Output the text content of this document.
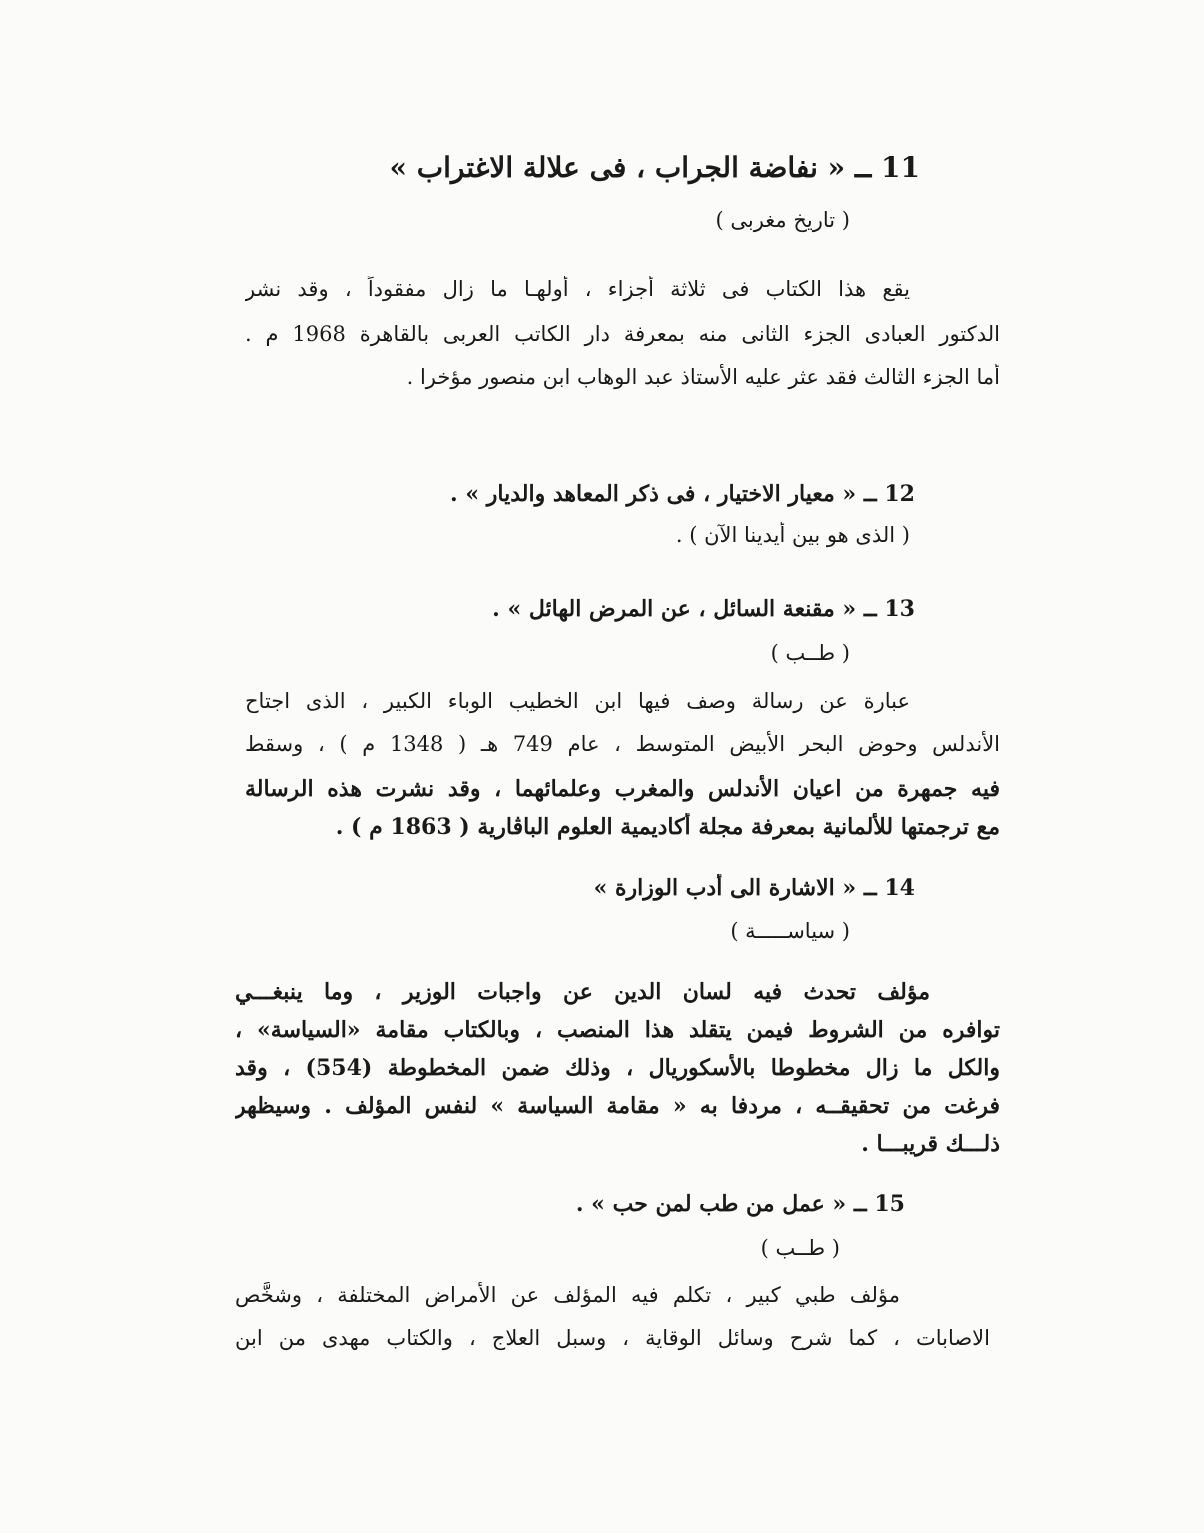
11 ــ « نفاضة الجراب ، فى علالة الاغتراب »
( تاريخ مغربى )
يقع هذا الكتاب فى ثلاثة أجزاء ، أولهـا ما زال مفقوداً ، وقد نشر
الدكتور العبادى الجزء الثانى منه بمعرفة دار الكاتب العربى بالقاهرة 1968 م .
أما الجزء الثالث فقد عثر عليه الأستاذ عبد الوهاب ابن منصور مؤخرا .
12 ــ « معيار الاختيار ، فى ذكر المعاهد والديار » .
( الذى هو بين أيدينا الآن ) .
13 ــ « مقنعة السائل ، عن المرض الهائل » .
( طــب )
عبارة عن رسالة وصف فيها ابن الخطيب الوباء الكبير ، الذى اجتاح
الأندلس وحوض البحر الأبيض المتوسط ، عام 749 هـ ( 1348 م ) ، وسقط
فيه جمهرة من اعيان الأندلس والمغرب وعلمائهما ، وقد نشرت هذه الرسالة
مع ترجمتها للألمانية بمعرفة مجلة أكاديمية العلوم الباڤارية ( 1863 م ) .
14 ــ « الاشارة الى أدب الوزارة »
( سياســـــة )
مؤلف تحدث فيه لسان الدين عن واجبات الوزير ، وما ينبغـــي
توافره من الشروط فيمن يتقلد هذا المنصب ، وبالكتاب مقامة «السياسة» ،
والكل ما زال مخطوطا بالأسكوريال ، وذلك ضمن المخطوطة (554) ، وقد
فرغت من تحقيقــه ، مردفا به « مقامة السياسة » لنفس المؤلف . وسيظهر
ذلـــك قريبـــا .
15 ــ « عمل من طب لمن حب » .
( طــب )
مؤلف طبي كبير ، تكلم فيه المؤلف عن الأمراض المختلفة ، وشخَّص
الاصابات ، كما شرح وسائل الوقاية ، وسبل العلاج ، والكتاب مهدى من ابن
